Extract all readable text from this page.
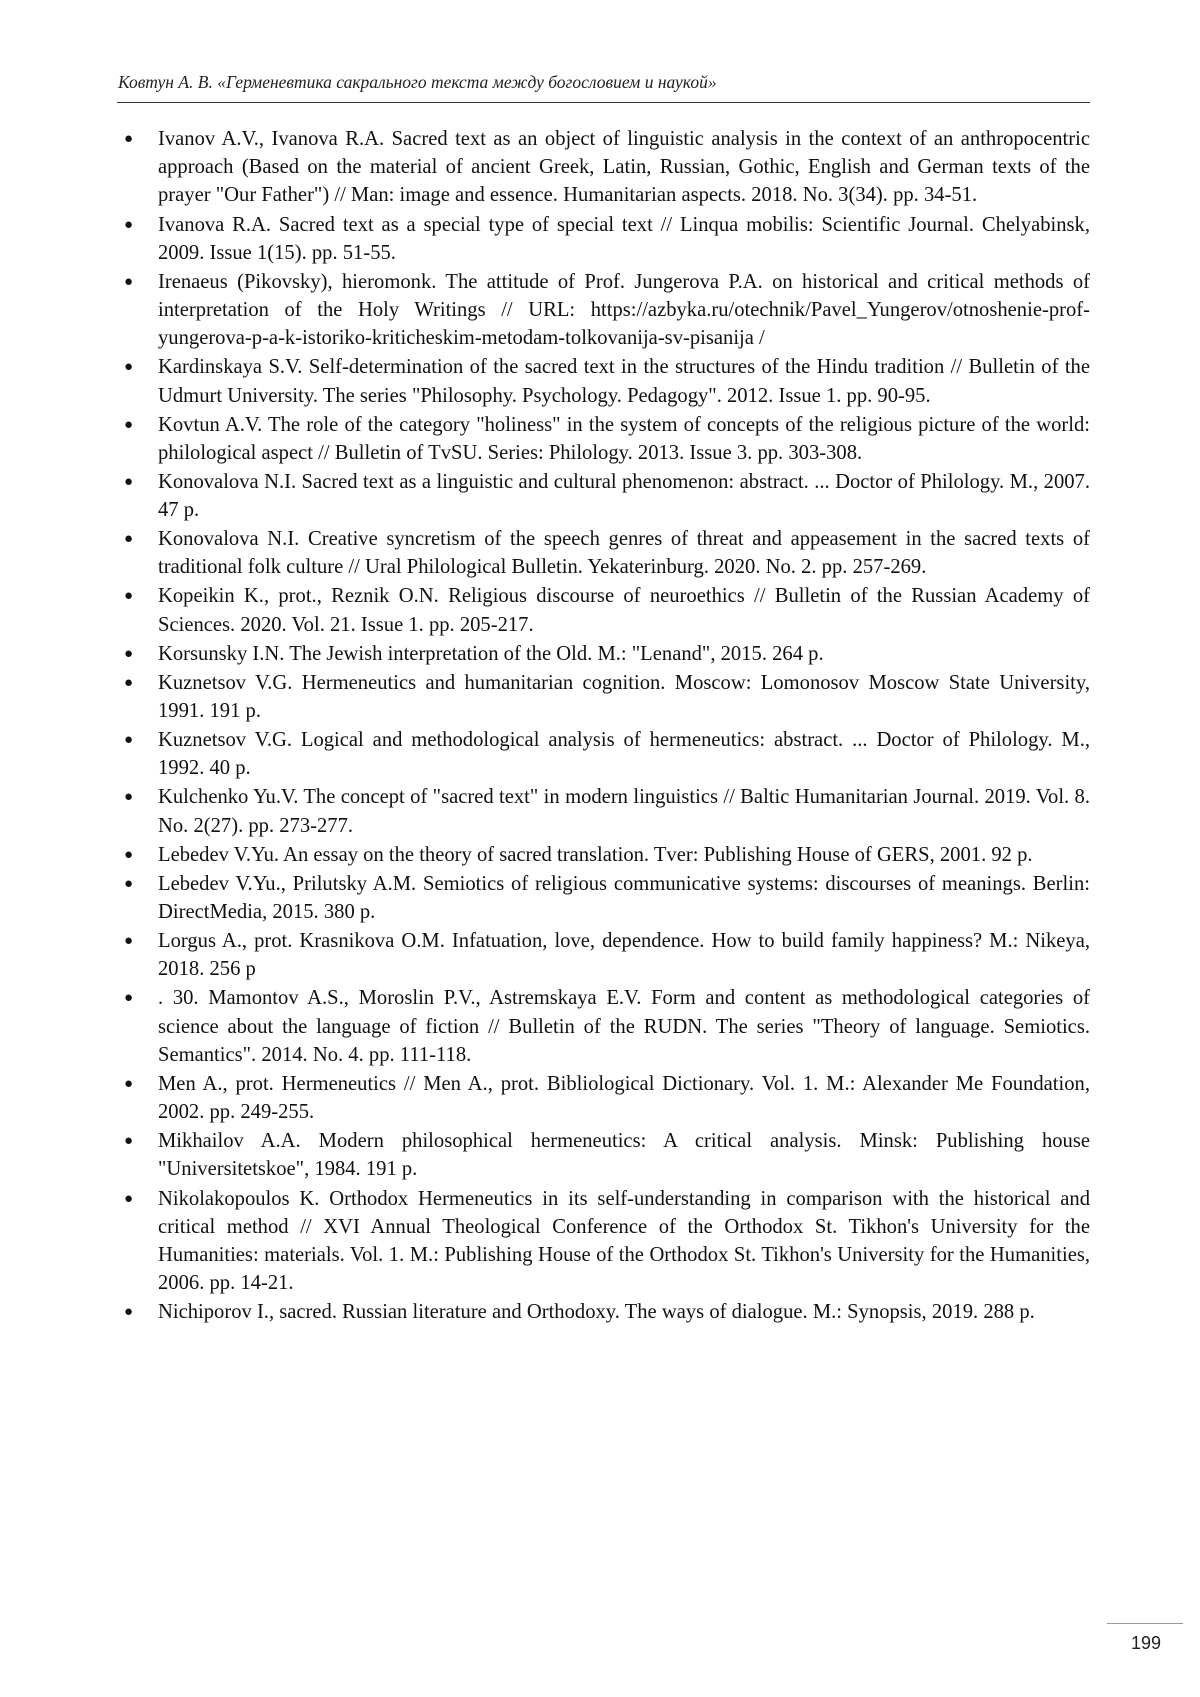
Ковтун А. В. «Герменевтика сакрального текста между богословием и наукой»
●	Ivanov A.V., Ivanova R.A. Sacred text as an object of linguistic analysis in the context of an anthropocentric approach (Based on the material of ancient Greek, Latin, Russian, Gothic, English and German texts of the prayer "Our Father") // Man: image and essence. Humanitarian aspects. 2018. No. 3(34). pp. 34-51.
●	Ivanova R.A. Sacred text as a special type of special text // Linqua mobilis: Scientific Journal. Chelyabinsk, 2009. Issue 1(15). pp. 51-55.
●	Irenaeus (Pikovsky), hieromonk. The attitude of Prof. Jungerova P.A. on historical and critical methods of interpretation of the Holy Writings // URL: https://azbyka.ru/otechnik/Pavel_Yungerov/otnoshenie-prof-yungerova-p-a-k-istoriko-kriticheskim-metodam-tolkovanija-sv-pisanija /
●	Kardinskaya S.V. Self-determination of the sacred text in the structures of the Hindu tradition // Bulletin of the Udmurt University. The series "Philosophy. Psychology. Pedagogy". 2012. Issue 1. pp. 90-95.
●	Kovtun A.V. The role of the category "holiness" in the system of concepts of the religious picture of the world: philological aspect // Bulletin of TvSU. Series: Philology. 2013. Issue 3. pp. 303-308.
●	Konovalova N.I. Sacred text as a linguistic and cultural phenomenon: abstract. ... Doctor of Philology. M., 2007. 47 p.
●	Konovalova N.I. Creative syncretism of the speech genres of threat and appeasement in the sacred texts of traditional folk culture // Ural Philological Bulletin. Yekaterinburg. 2020. No. 2. pp. 257-269.
●	Kopeikin K., prot., Reznik O.N. Religious discourse of neuroethics // Bulletin of the Russian Academy of Sciences. 2020. Vol. 21. Issue 1. pp. 205-217.
●	Korsunsky I.N. The Jewish interpretation of the Old. M.: "Lenand", 2015. 264 p.
●	Kuznetsov V.G. Hermeneutics and humanitarian cognition. Moscow: Lomonosov Moscow State University, 1991. 191 p.
●	Kuznetsov V.G. Logical and methodological analysis of hermeneutics: abstract. ... Doctor of Philology. M., 1992. 40 p.
●	Kulchenko Yu.V. The concept of "sacred text" in modern linguistics // Baltic Humanitarian Journal. 2019. Vol. 8. No. 2(27). pp. 273-277.
●	Lebedev V.Yu. An essay on the theory of sacred translation. Tver: Publishing House of GERS, 2001. 92 p.
●	Lebedev V.Yu., Prilutsky A.M. Semiotics of religious communicative systems: discourses of meanings. Berlin: DirectMedia, 2015. 380 p.
●	Lorgus A., prot. Krasnikova O.M. Infatuation, love, dependence. How to build family happiness? M.: Nikeya, 2018. 256 p
●	. 30. Mamontov A.S., Moroslin P.V., Astremskaya E.V. Form and content as methodological categories of science about the language of fiction // Bulletin of the RUDN. The series "Theory of language. Semiotics. Semantics". 2014. No. 4. pp. 111-118.
●	Men A., prot. Hermeneutics // Men A., prot. Bibliological Dictionary. Vol. 1. M.: Alexander Me Foundation, 2002. pp. 249-255.
●	Mikhailov A.A. Modern philosophical hermeneutics: A critical analysis. Minsk: Publishing house "Universitetskoe", 1984. 191 p.
●	Nikolakopoulos K. Orthodox Hermeneutics in its self-understanding in comparison with the historical and critical method // XVI Annual Theological Conference of the Orthodox St. Tikhon's University for the Humanities: materials. Vol. 1. M.: Publishing House of the Orthodox St. Tikhon's University for the Humanities, 2006. pp. 14-21.
●	Nichiporov I., sacred. Russian literature and Orthodoxy. The ways of dialogue. M.: Synopsis, 2019. 288 p.
199
